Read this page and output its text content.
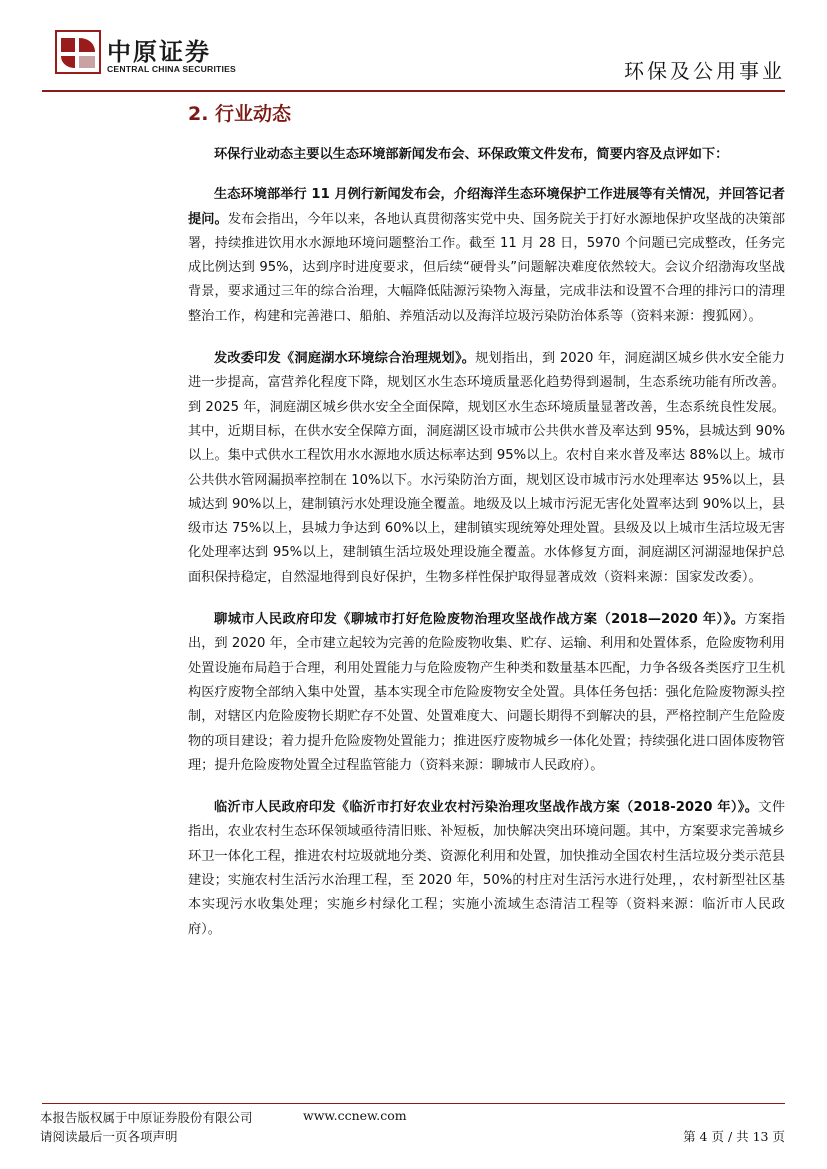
中原证券
CENTRAL CHINA SECURITIES	环保及公用事业
2. 行业动态

环保行业动态主要以生态环境部新闻发布会、环保政策文件发布，简要内容及点评如下：

生态环境部举行 11 月例行新闻发布会，介绍海洋生态环境保护工作进展等有关情况，并回答记者提问。发布会指出，今年以来，各地认真贯彻落实党中央、国务院关于打好水源地保护攻坚战的决策部署，持续推进饮用水水源地环境问题整治工作。截至 11 月 28 日，5970 个问题已完成整改，任务完成比例达到 95%，达到序时进度要求，但后续“硬骨头”问题解决难度依然较大。会议介绍渤海攻坚战背景，要求通过三年的综合治理，大幅降低陆源污染物入海量，完成非法和设置不合理的排污口的清理整治工作，构建和完善港口、船舶、养殖活动以及海洋垃圾污染防治体系等（资料来源：搜狐网）。

发改委印发《洞庭湖水环境综合治理规划》。规划指出，到 2020 年，洞庭湖区城乡供水安全能力进一步提高，富营养化程度下降，规划区水生态环境质量恶化趋势得到遏制，生态系统功能有所改善。到 2025 年，洞庭湖区城乡供水安全全面保障，规划区水生态环境质量显著改善，生态系统良性发展。其中，近期目标，在供水安全保障方面，洞庭湖区设市城市公共供水普及率达到 95%，县城达到 90%以上。集中式供水工程饮用水水源地水质达标率达到 95%以上。农村自来水普及率达 88%以上。城市公共供水管网漏损率控制在 10%以下。水污染防治方面，规划区设市城市污水处理率达 95%以上，县城达到 90%以上，建制镇污水处理设施全覆盖。地级及以上城市污泥无害化处置率达到 90%以上，县级市达 75%以上，县城力争达到 60%以上，建制镇实现统筹处理处置。县级及以上城市生活垃圾无害化处理率达到 95%以上，建制镇生活垃圾处理设施全覆盖。水体修复方面，洞庭湖区河湖湿地保护总面积保持稳定，自然湿地得到良好保护，生物多样性保护取得显著成效（资料来源：国家发改委）。

聊城市人民政府印发《聊城市打好危险废物治理攻坚战作战方案（2018—2020 年）》。方案指出，到 2020 年，全市建立起较为完善的危险废物收集、贮存、运输、利用和处置体系，危险废物利用处置设施布局趋于合理，利用处置能力与危险废物产生种类和数量基本匹配，力争各级各类医疗卫生机构医疗废物全部纳入集中处置，基本实现全市危险废物安全处置。具体任务包括：强化危险废物源头控制，对辖区内危险废物长期贮存不处置、处置难度大、问题长期得不到解决的县，严格控制产生危险废物的项目建设；着力提升危险废物处置能力；推进医疗废物城乡一体化处置；持续强化进口固体废物管理；提升危险废物处置全过程监管能力（资料来源：聊城市人民政府）。

临沂市人民政府印发《临沂市打好农业农村污染治理攻坚战作战方案（2018-2020 年）》。文件指出，农业农村生态环保领域亟待清旧账、补短板，加快解决突出环境问题。其中，方案要求完善城乡环卫一体化工程，推进农村垃圾就地分类、资源化利用和处置，加快推动全国农村生活垃圾分类示范县建设；实施农村生活污水治理工程，至 2020 年，50%的村庄对生活污水进行处理，，农村新型社区基本实现污水收集处理；实施乡村绿化工程；实施小流域生态清洁工程等（资料来源：临沂市人民政府）。

本报告版权属于中原证券股份有限公司	www.ccnew.com
请阅读最后一页各项声明	第 4 页 / 共 13 页
